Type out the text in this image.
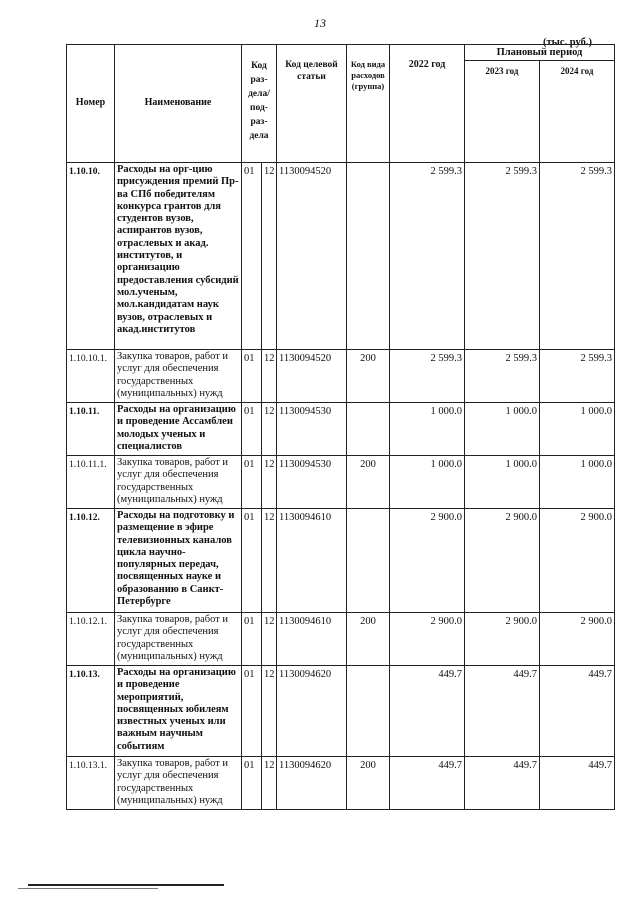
13
(тыс. руб.)
Номер	Наименование	Код раз- дела/ под- раз- дела		Код целевой статьи	Код вида расходов (группа)	2022 год	Плановый период	
							2023 год	2024 год
1.10.10.	Расходы на орг-цию присуждения премий Пр-ва СПб победителям конкурса грантов для студентов вузов, аспирантов вузов, отраслевых и акад. институтов, и организацию предоставления субсидий мол.ученым, мол.кандидатам наук вузов, отраслевых и акад.институтов	01	12	1130094520		2 599.3	2 599.3	2 599.3
1.10.10.1.	Закупка товаров, работ и услуг для обеспечения государственных (муниципальных) нужд	01	12	1130094520	200	2 599.3	2 599.3	2 599.3
1.10.11.	Расходы на организацию и проведение Ассамблеи молодых ученых и специалистов	01	12	1130094530		1 000.0	1 000.0	1 000.0
1.10.11.1.	Закупка товаров, работ и услуг для обеспечения государственных (муниципальных) нужд	01	12	1130094530	200	1 000.0	1 000.0	1 000.0
1.10.12.	Расходы на подготовку и размещение в эфире телевизионных каналов цикла научно-популярных передач, посвященных науке и образованию в Санкт-Петербурге	01	12	1130094610		2 900.0	2 900.0	2 900.0
1.10.12.1.	Закупка товаров, работ и услуг для обеспечения государственных (муниципальных) нужд	01	12	1130094610	200	2 900.0	2 900.0	2 900.0
1.10.13.	Расходы на организацию и проведение мероприятий, посвященных юбилеям известных ученых или важным научным событиям	01	12	1130094620		449.7	449.7	449.7
1.10.13.1.	Закупка товаров, работ и услуг для обеспечения государственных (муниципальных) нужд	01	12	1130094620	200	449.7	449.7	449.7
